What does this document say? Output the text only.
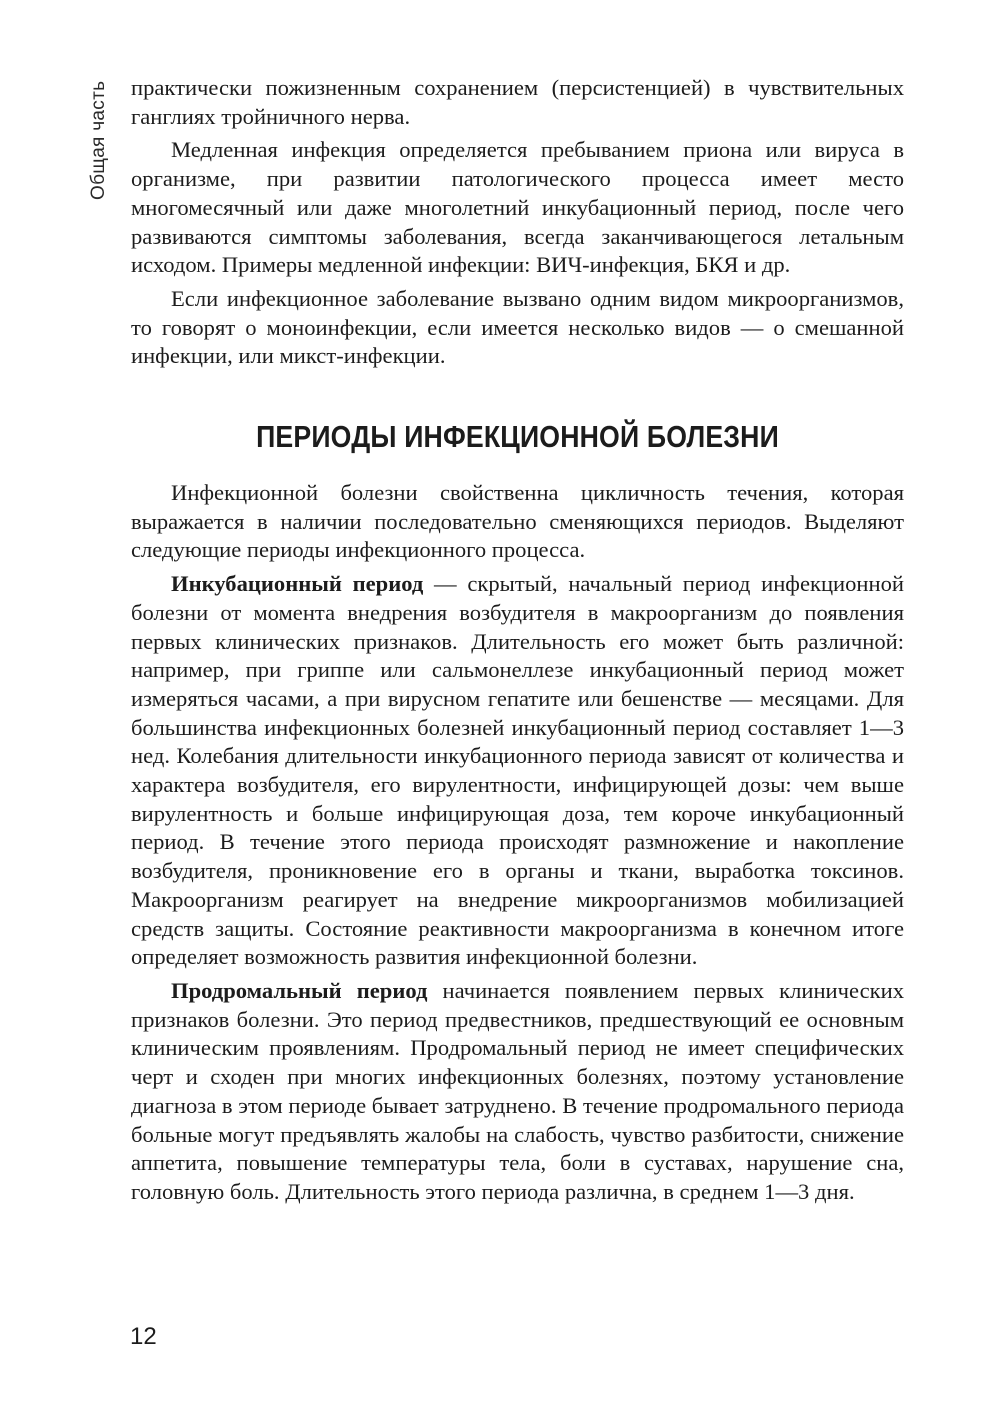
Общая часть практически пожизненным сохранением (персистенцией) в чувствительных ганглиях тройничного нерва.

Медленная инфекция определяется пребыванием приона или вируса в организме, при развитии патологического процесса имеет место многомесячный или даже многолетний инкубационный период, после чего развиваются симптомы заболевания, всегда заканчивающегося летальным исходом. Примеры медленной инфекции: ВИЧ-инфекция, БКЯ и др.

Если инфекционное заболевание вызвано одним видом микроорганизмов, то говорят о моноинфекции, если имеется несколько видов — о смешанной инфекции, или микст-инфекции.

ПЕРИОДЫ ИНФЕКЦИОННОЙ БОЛЕЗНИ

Инфекционной болезни свойственна цикличность течения, которая выражается в наличии последовательно сменяющихся периодов. Выделяют следующие периоды инфекционного процесса.

Инкубационный период — скрытый, начальный период инфекционной болезни от момента внедрения возбудителя в макроорганизм до появления первых клинических признаков. Длительность его может быть различной: например, при гриппе или сальмонеллезе инкубационный период может измеряться часами, а при вирусном гепатите или бешенстве — месяцами. Для большинства инфекционных болезней инкубационный период составляет 1—3 нед. Колебания длительности инкубационного периода зависят от количества и характера возбудителя, его вирулентности, инфицирующей дозы: чем выше вирулентность и больше инфицирующая доза, тем короче инкубационный период. В течение этого периода происходят размножение и накопление возбудителя, проникновение его в органы и ткани, выработка токсинов. Макроорганизм реагирует на внедрение микроорганизмов мобилизацией средств защиты. Состояние реактивности макроорганизма в конечном итоге определяет возможность развития инфекционной болезни.

Продромальный период начинается появлением первых клинических признаков болезни. Это период предвестников, предшествующий ее основным клиническим проявлениям. Продромальный период не имеет специфических черт и сходен при многих инфекционных болезнях, поэтому установление диагноза в этом периоде бывает затруднено. В течение продромального периода больные могут предъявлять жалобы на слабость, чувство разбитости, снижение аппетита, повышение температуры тела, боли в суставах, нарушение сна, головную боль. Длительность этого периода различна, в среднем 1—3 дня.

12
